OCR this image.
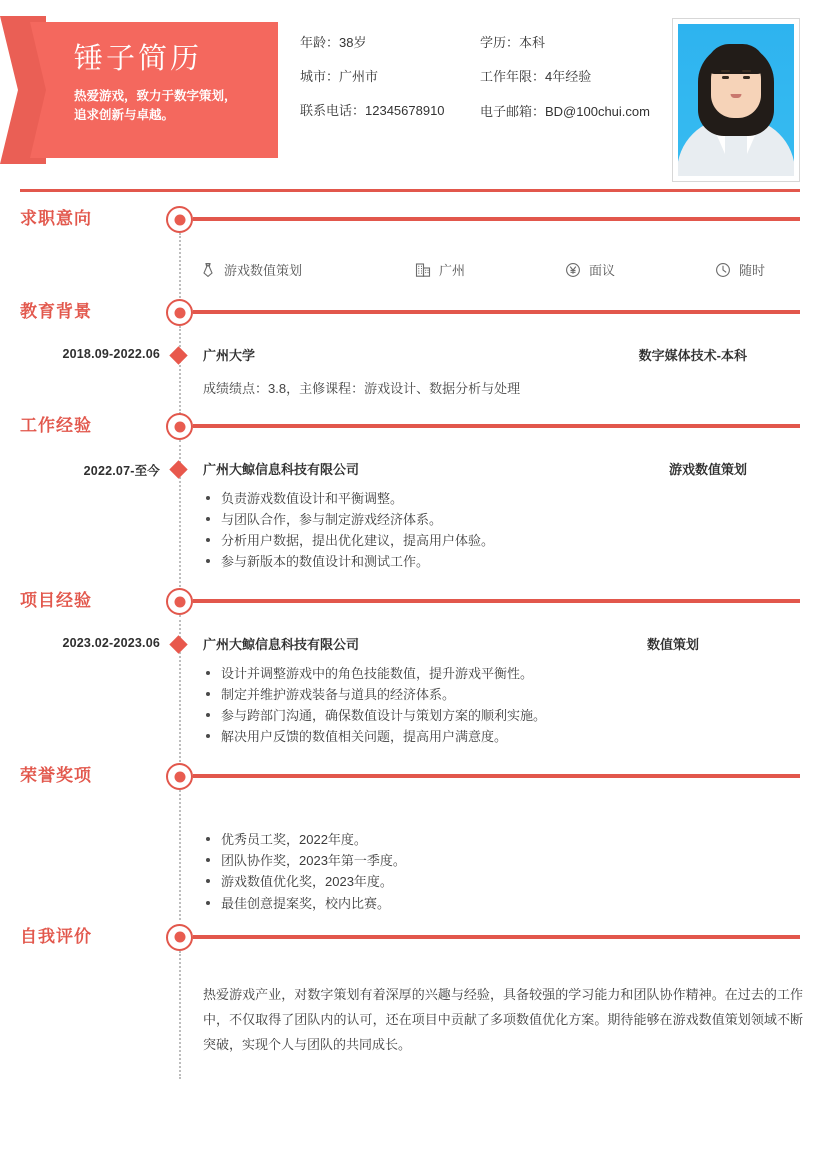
锤子简历
热爱游戏，致力于数字策划，追求创新与卓越。
年龄：38岁	学历：本科
城市：广州市	工作年限：4年经验
联系电话：12345678910	电子邮箱：BD@100chui.com
求职意向
游戏数值策划	广州	面议	随时
教育背景
2018.09-2022.06	广州大学	数字媒体技术-本科
成绩绩点：3.8，主修课程：游戏设计、数据分析与处理
工作经验
2022.07-至今	广州大鲸信息科技有限公司	游戏数值策划
负责游戏数值设计和平衡调整。
与团队合作，参与制定游戏经济体系。
分析用户数据，提出优化建议，提高用户体验。
参与新版本的数值设计和测试工作。
项目经验
2023.02-2023.06	广州大鲸信息科技有限公司	数值策划
设计并调整游戏中的角色技能数值，提升游戏平衡性。
制定并维护游戏装备与道具的经济体系。
参与跨部门沟通，确保数值设计与策划方案的顺利实施。
解决用户反馈的数值相关问题，提高用户满意度。
荣誉奖项
优秀员工奖，2022年度。
团队协作奖，2023年第一季度。
游戏数值优化奖，2023年度。
最佳创意提案奖，校内比赛。
自我评价
热爱游戏产业，对数字策划有着深厚的兴趣与经验，具备较强的学习能力和团队协作精神。在过去的工作中，不仅取得了团队内的认可，还在项目中贡献了多项数值优化方案。期待能够在游戏数值策划领域不断突破，实现个人与团队的共同成长。
